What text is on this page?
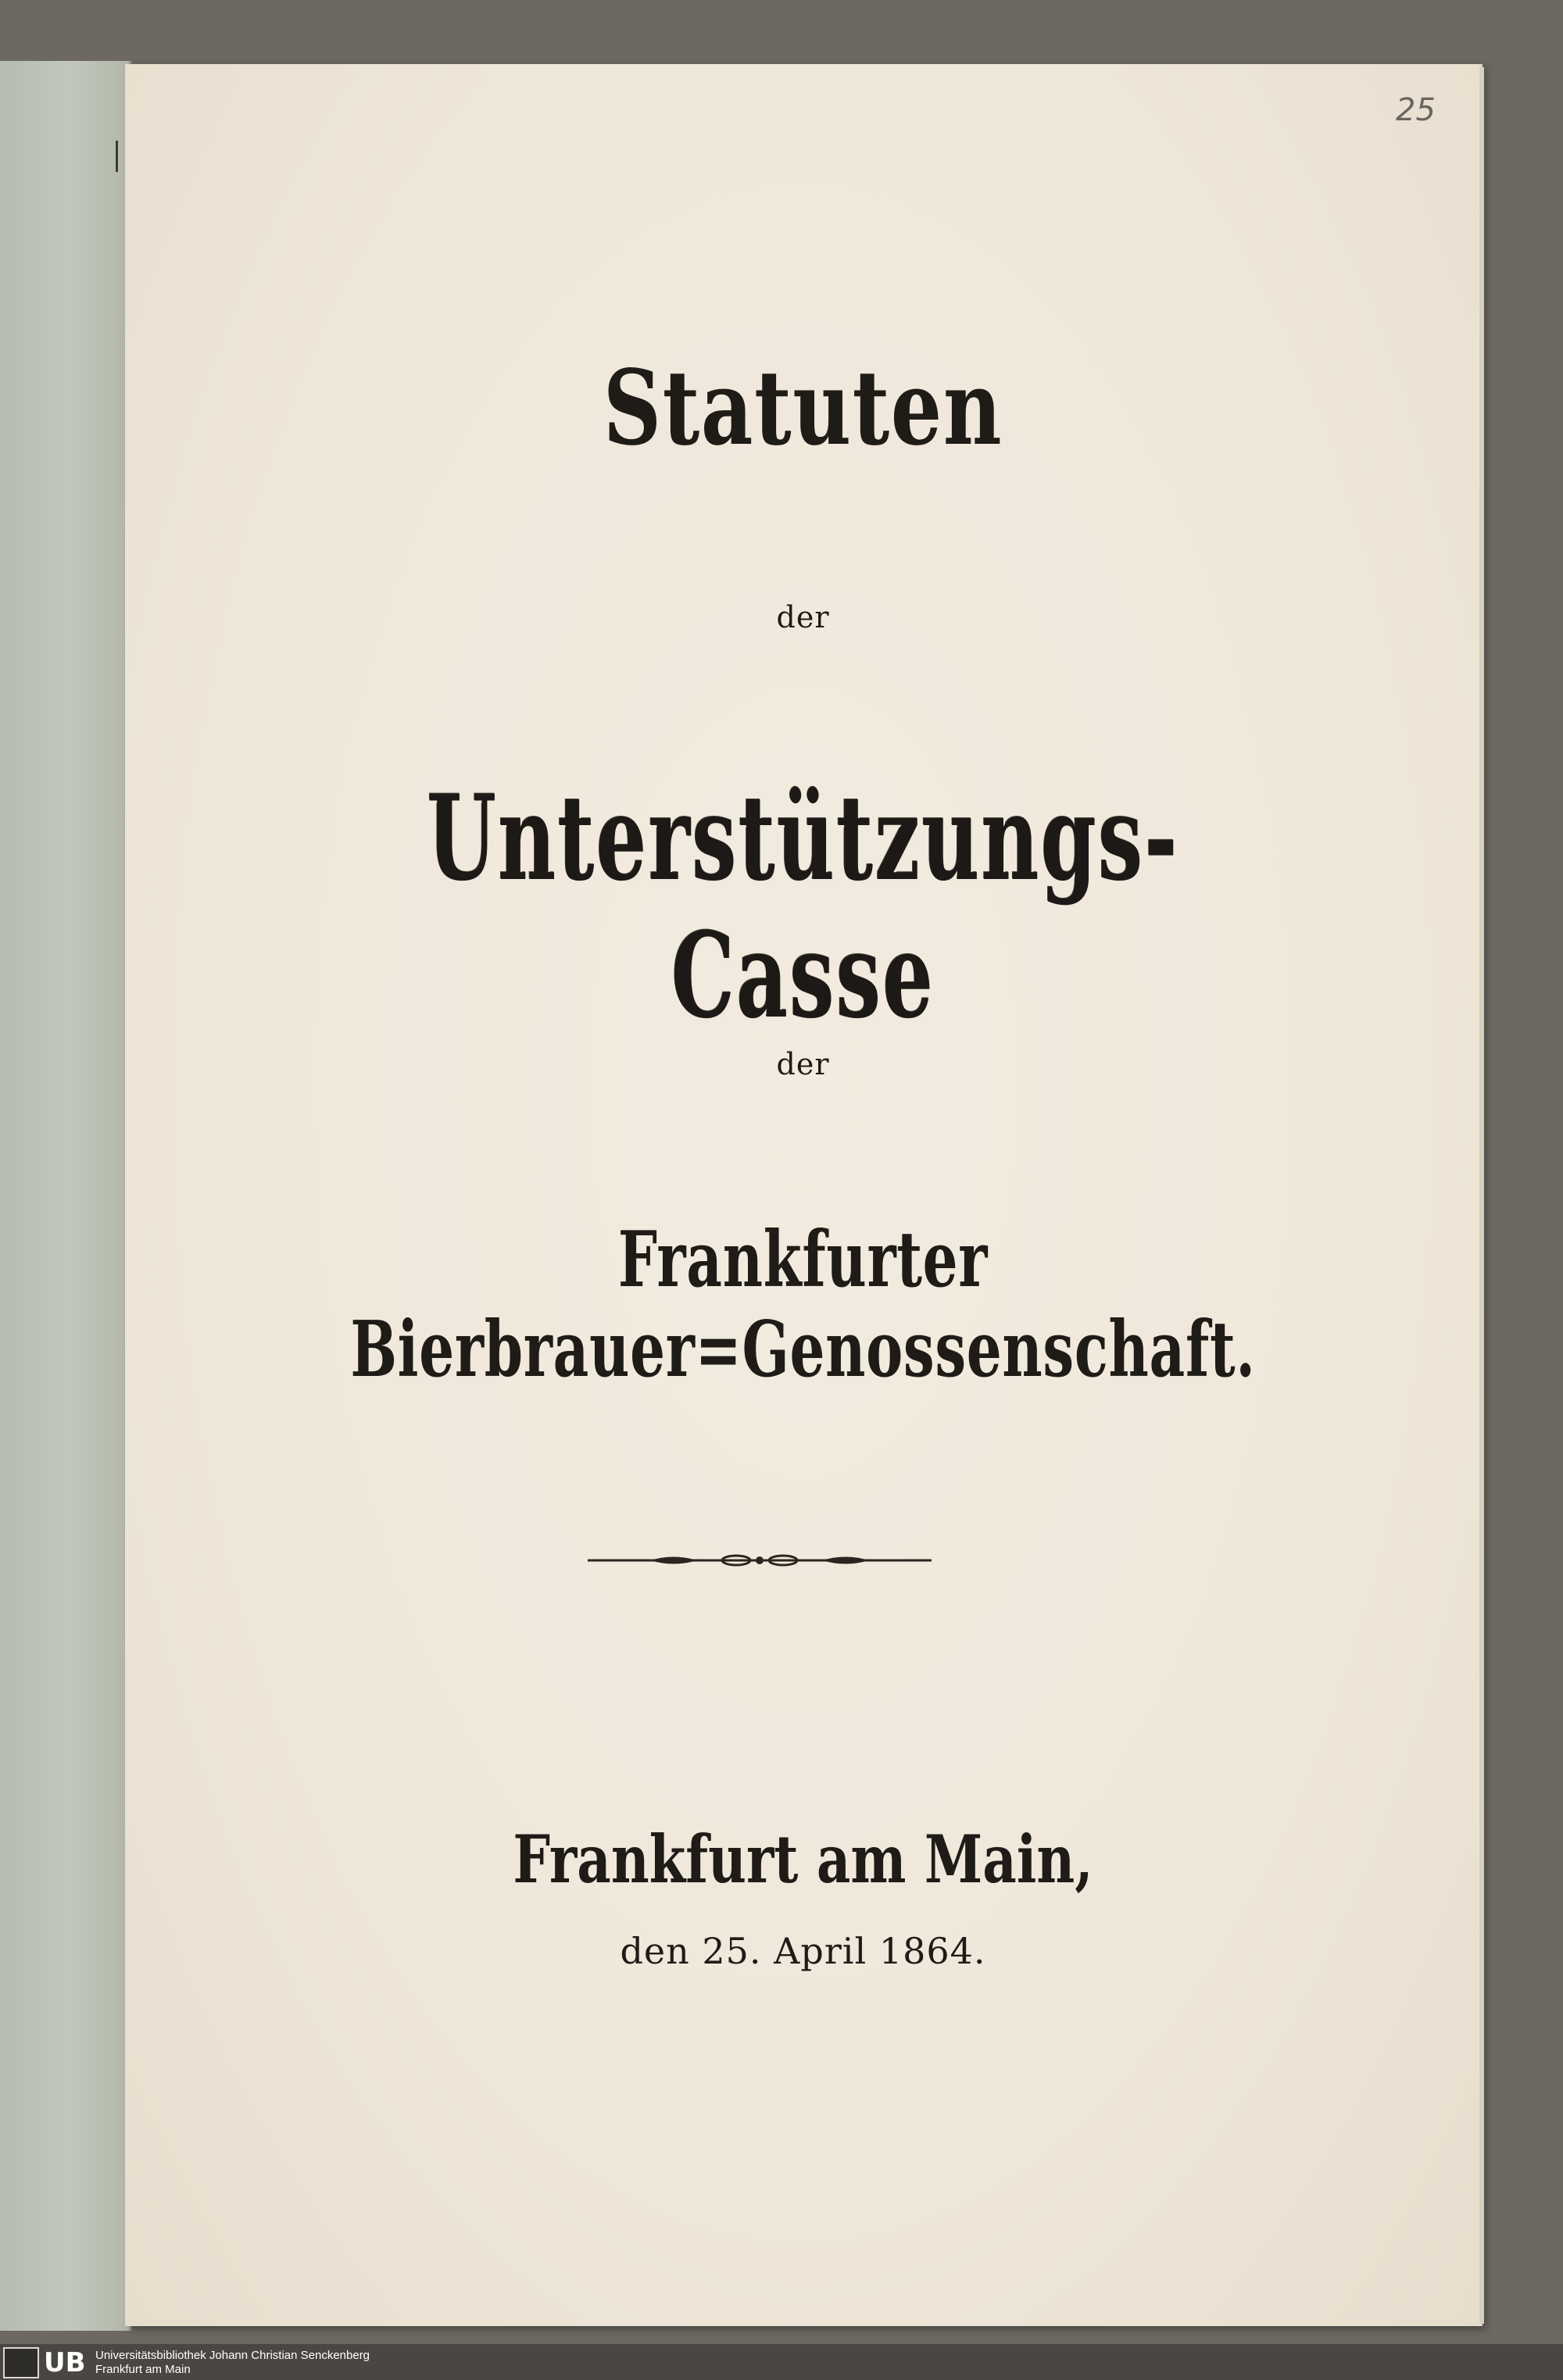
25
Statuten
der
Unterstützungs-Casse
der
Frankfurter Bierbrauer=Genossenschaft.
Frankfurt am Main,
den 25. April 1864.
UB Universitätsbibliothek Johann Christian Senckenberg
Frankfurt am Main
